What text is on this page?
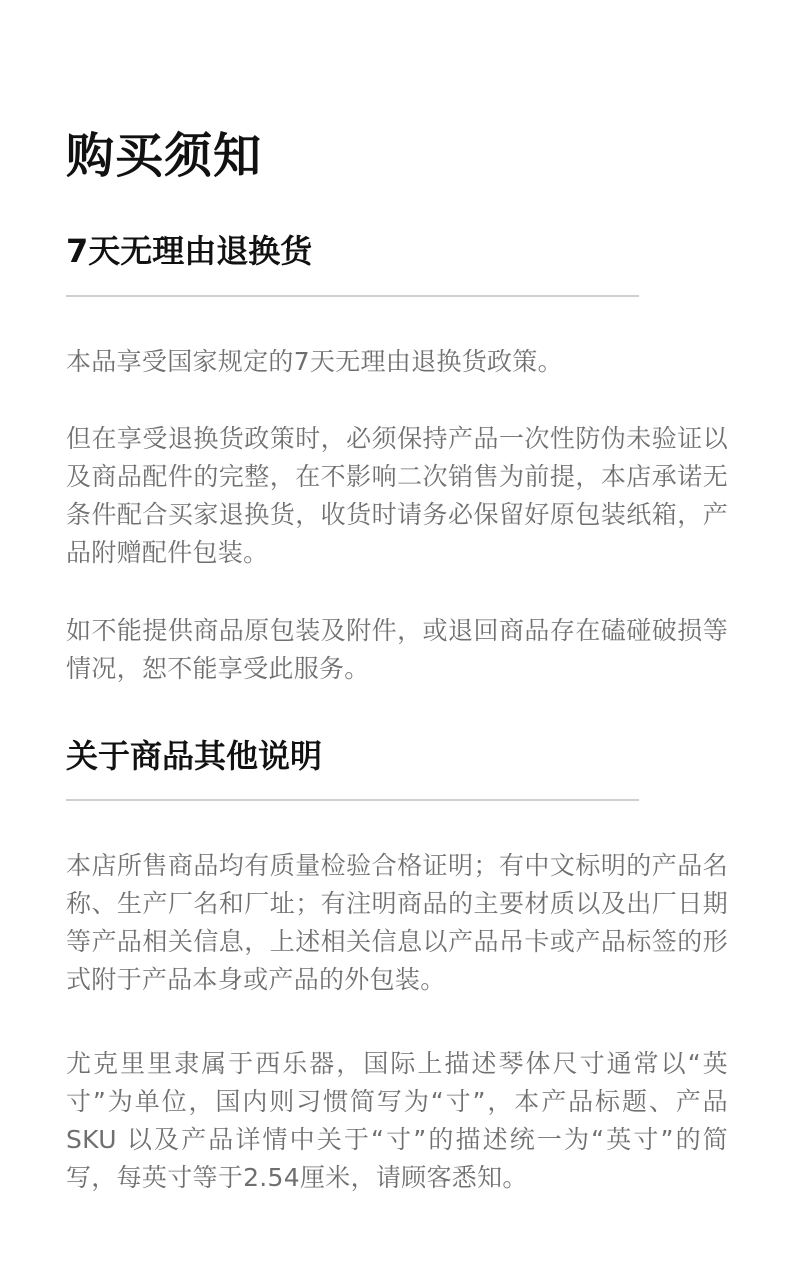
购买须知
7天无理由退换货

本品享受国家规定的7天无理由退换货政策。

但在享受退换货政策时，必须保持产品一次性防伪未验证以及商品配件的完整，在不影响二次销售为前提，本店承诺无条件配合买家退换货，收货时请务必保留好原包装纸箱，产品附赠配件包装。

如不能提供商品原包装及附件，或退回商品存在磕碰破损等情况，恕不能享受此服务。

关于商品其他说明

本店所售商品均有质量检验合格证明；有中文标明的产品名称、生产厂名和厂址；有注明商品的主要材质以及出厂日期等产品相关信息，上述相关信息以产品吊卡或产品标签的形式附于产品本身或产品的外包装。

尤克里里隶属于西乐器，国际上描述琴体尺寸通常以“英寸”为单位，国内则习惯简写为“寸”，本产品标题、产品 SKU 以及产品详情中关于“寸”的描述统一为“英寸”的简写，每英寸等于2.54厘米，请顾客悉知。
